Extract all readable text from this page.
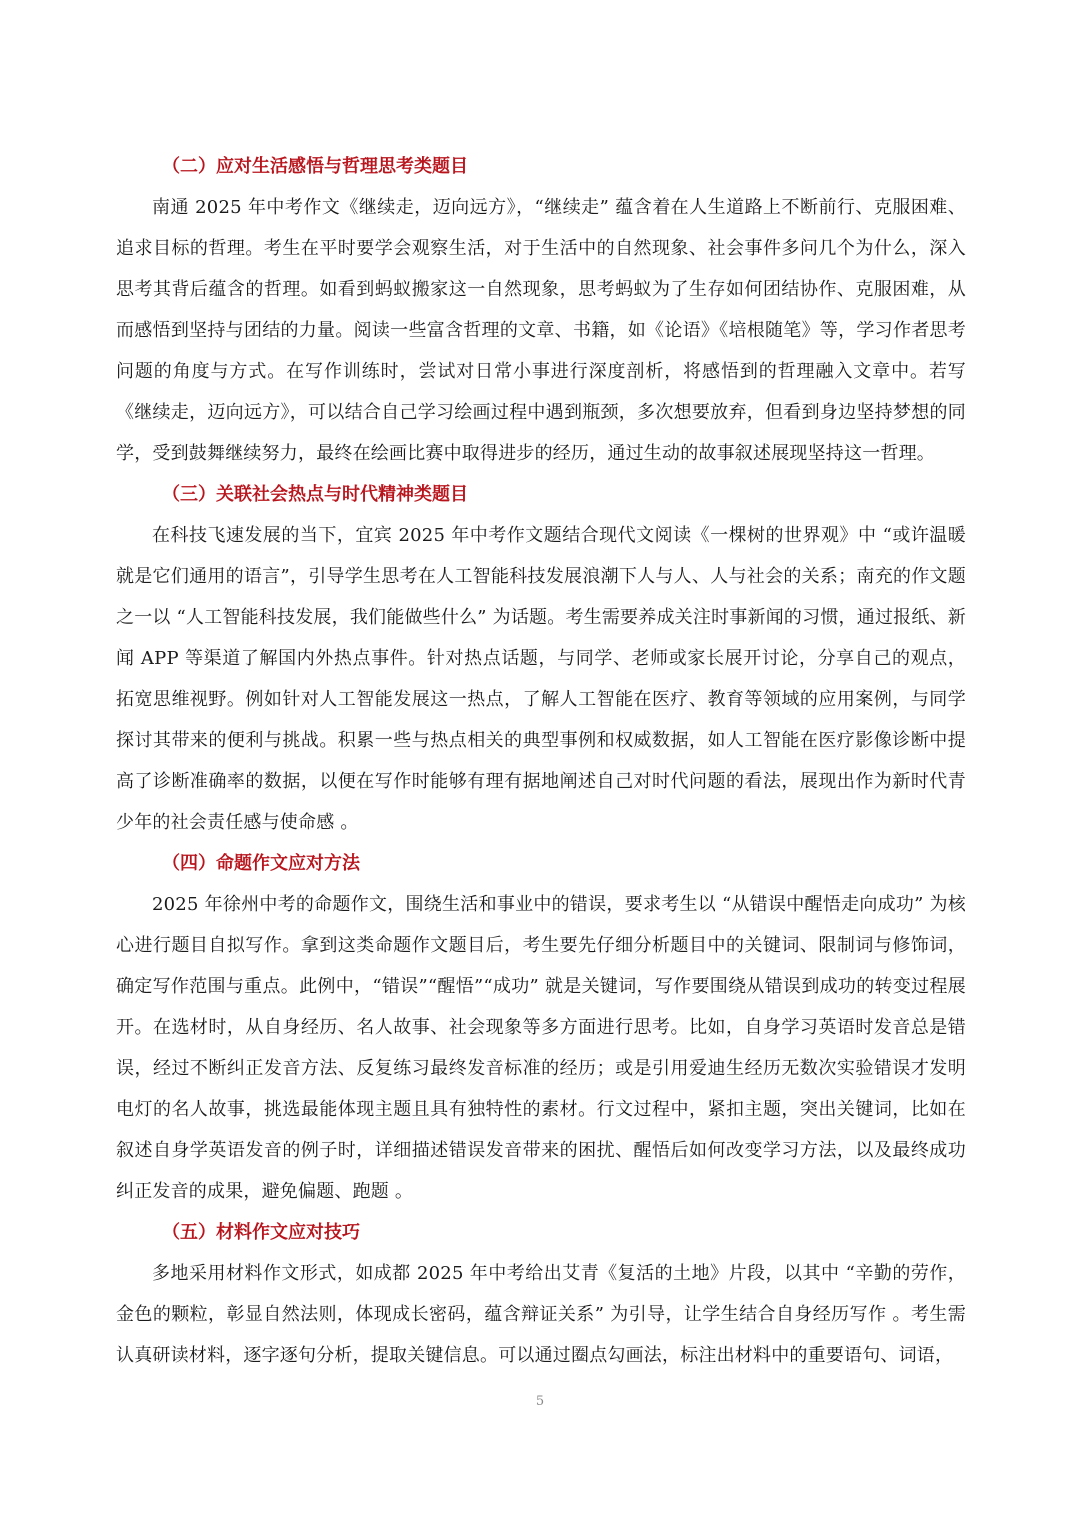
（二）应对生活感悟与哲理思考类题目

南通 2025 年中考作文《继续走，迈向远方》，“继续走” 蕴含着在人生道路上不断前行、克服困难、追求目标的哲理。考生在平时要学会观察生活，对于生活中的自然现象、社会事件多问几个为什么，深入思考其背后蕴含的哲理。如看到蚂蚁搬家这一自然现象，思考蚂蚁为了生存如何团结协作、克服困难，从而感悟到坚持与团结的力量。阅读一些富含哲理的文章、书籍，如《论语》《培根随笔》等，学习作者思考问题的角度与方式。在写作训练时，尝试对日常小事进行深度剖析，将感悟到的哲理融入文章中。若写《继续走，迈向远方》，可以结合自己学习绘画过程中遇到瓶颈，多次想要放弃，但看到身边坚持梦想的同学，受到鼓舞继续努力，最终在绘画比赛中取得进步的经历，通过生动的故事叙述展现坚持这一哲理。

（三）关联社会热点与时代精神类题目

在科技飞速发展的当下，宜宾 2025 年中考作文题结合现代文阅读《一棵树的世界观》中 “或许温暖就是它们通用的语言”，引导学生思考在人工智能科技发展浪潮下人与人、人与社会的关系；南充的作文题之一以 “人工智能科技发展，我们能做些什么” 为话题。考生需要养成关注时事新闻的习惯，通过报纸、新闻 APP 等渠道了解国内外热点事件。针对热点话题，与同学、老师或家长展开讨论，分享自己的观点，拓宽思维视野。例如针对人工智能发展这一热点，了解人工智能在医疗、教育等领域的应用案例，与同学探讨其带来的便利与挑战。积累一些与热点相关的典型事例和权威数据，如人工智能在医疗影像诊断中提高了诊断准确率的数据，以便在写作时能够有理有据地阐述自己对时代问题的看法，展现出作为新时代青少年的社会责任感与使命感 。

（四）命题作文应对方法

2025 年徐州中考的命题作文，围绕生活和事业中的错误，要求考生以 “从错误中醒悟走向成功” 为核心进行题目自拟写作。拿到这类命题作文题目后，考生要先仔细分析题目中的关键词、限制词与修饰词，确定写作范围与重点。此例中，“错误”“醒悟”“成功” 就是关键词，写作要围绕从错误到成功的转变过程展开。在选材时，从自身经历、名人故事、社会现象等多方面进行思考。比如，自身学习英语时发音总是错误，经过不断纠正发音方法、反复练习最终发音标准的经历；或是引用爱迪生经历无数次实验错误才发明电灯的名人故事，挑选最能体现主题且具有独特性的素材。行文过程中，紧扣主题，突出关键词，比如在叙述自身学英语发音的例子时，详细描述错误发音带来的困扰、醒悟后如何改变学习方法，以及最终成功纠正发音的成果，避免偏题、跑题 。

（五）材料作文应对技巧

多地采用材料作文形式，如成都 2025 年中考给出艾青《复活的土地》片段，以其中 “辛勤的劳作，金色的颗粒，彰显自然法则，体现成长密码，蕴含辩证关系” 为引导，让学生结合自身经历写作 。考生需认真研读材料，逐字逐句分析，提取关键信息。可以通过圈点勾画法，标注出材料中的重要语句、词语，

5
